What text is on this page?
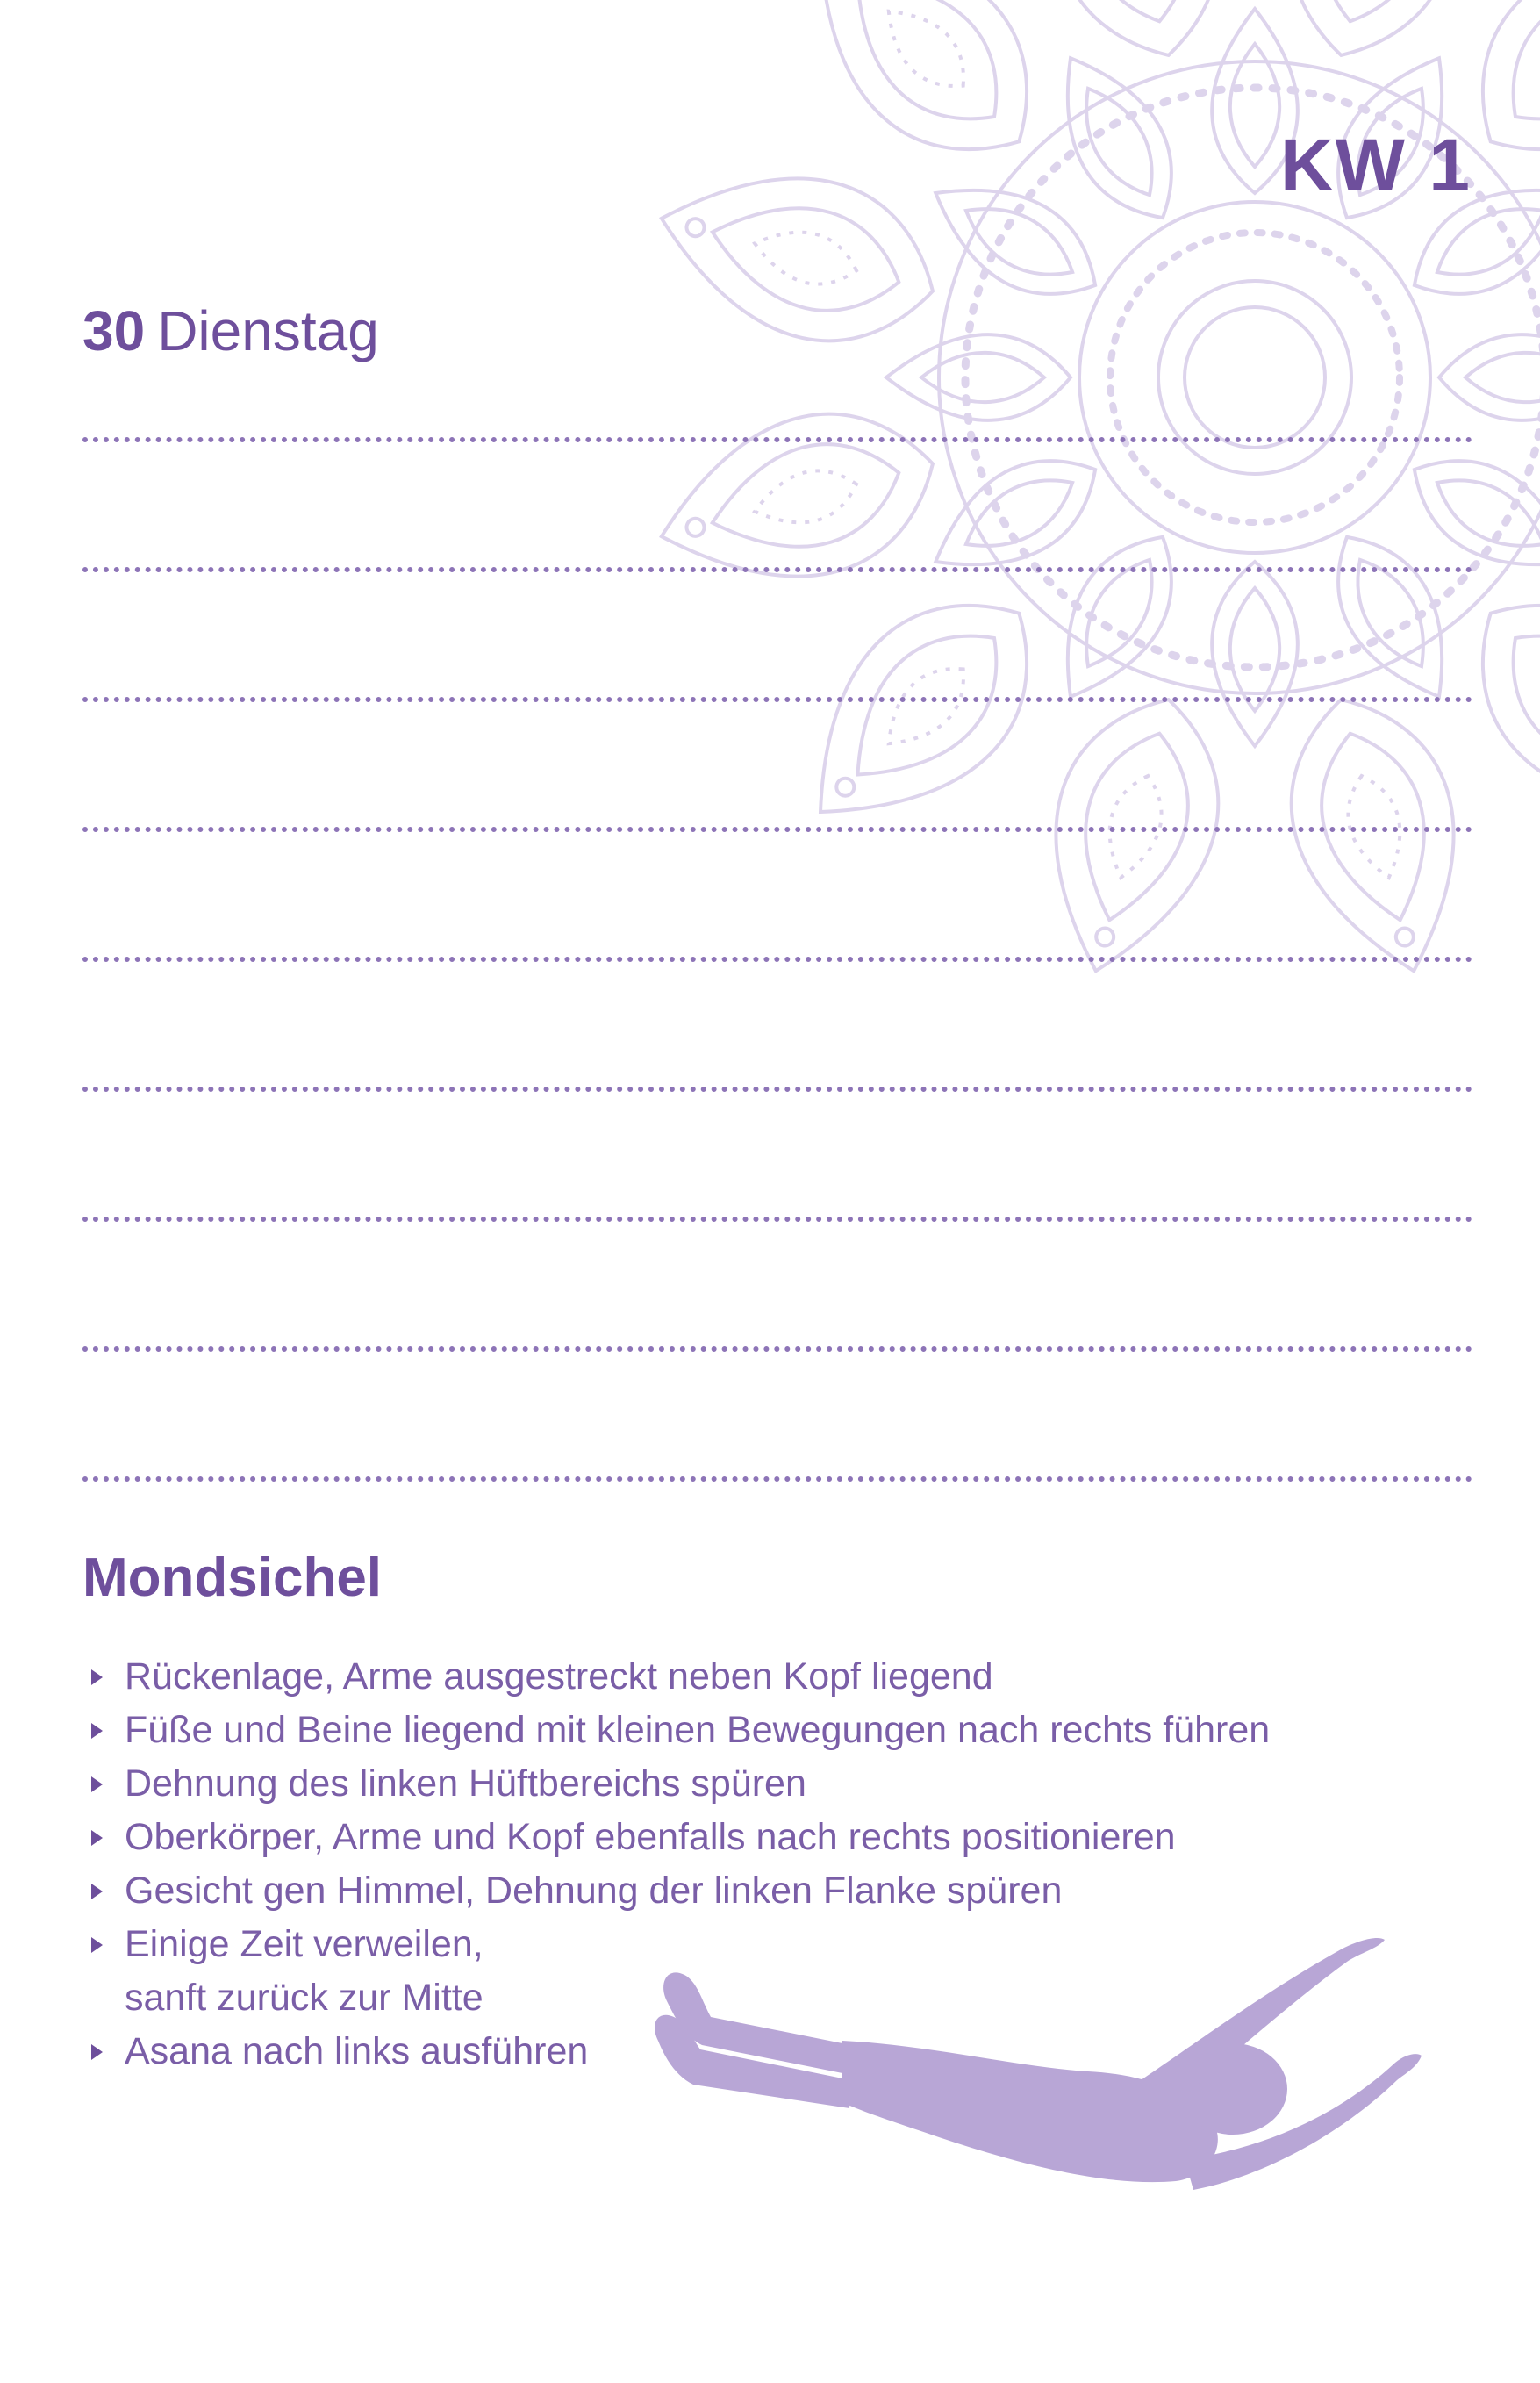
KW 1
30 Dienstag
Mondsichel
Rückenlage, Arme ausgestreckt neben Kopf liegend
Füße und Beine liegend mit kleinen Bewegungen nach rechts führen
Dehnung des linken Hüftbereichs spüren
Oberkörper, Arme und Kopf ebenfalls nach rechts positionieren
Gesicht gen Himmel, Dehnung der linken Flanke spüren
Einige Zeit verweilen,
sanft zurück zur Mitte
Asana nach links ausführen
